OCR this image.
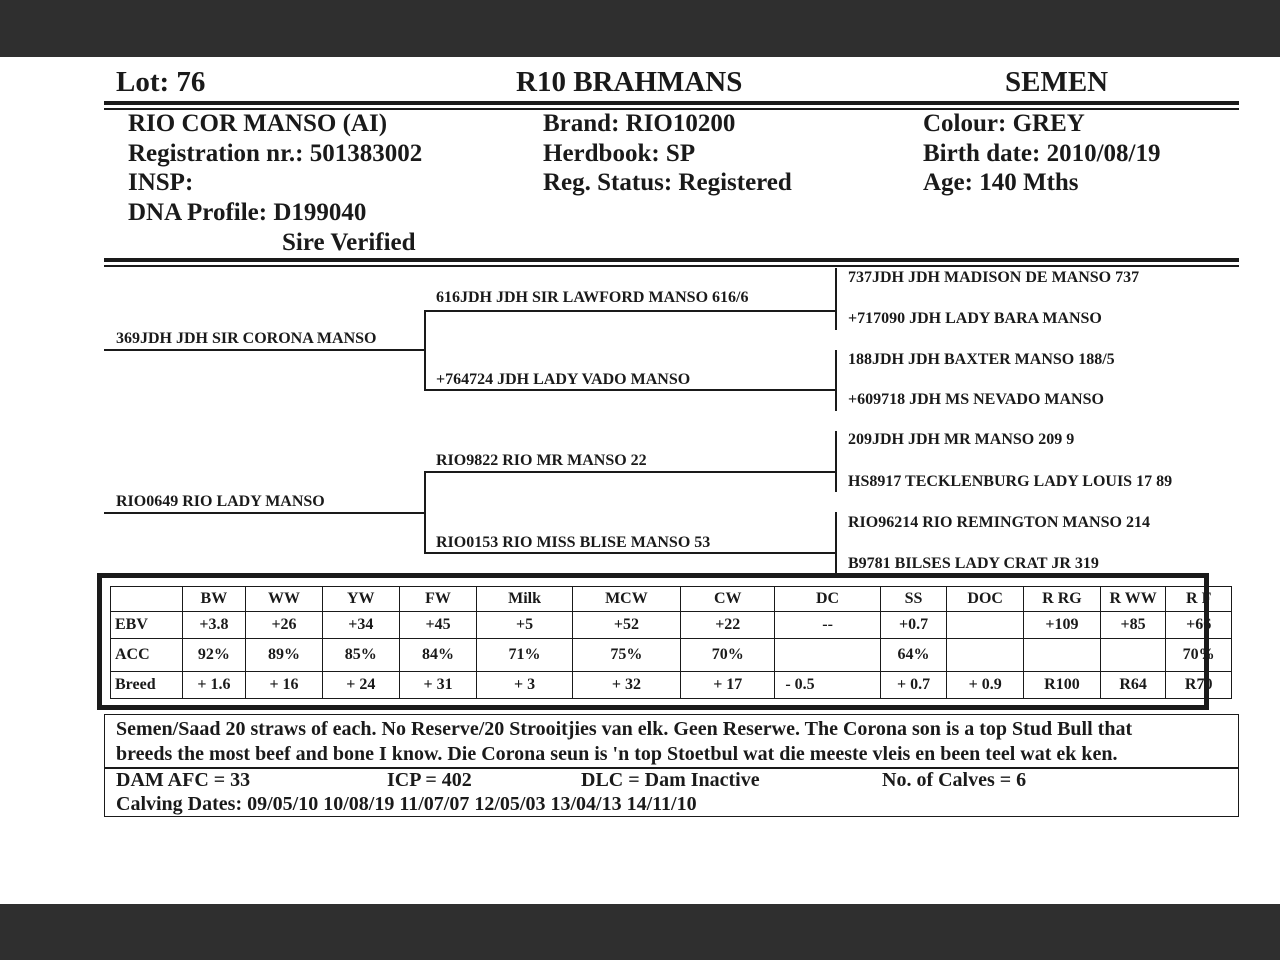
Lot: 76	R10 BRAHMANS	SEMEN
RIO COR MANSO (AI)
Registration nr.: 501383002
INSP:
DNA Profile: D199040
Sire Verified
Brand: RIO10200
Herdbook: SP
Reg. Status: Registered
Colour: GREY
Birth date: 2010/08/19
Age: 140 Mths
369JDH JDH SIR CORONA MANSO
RIO0649 RIO LADY MANSO
616JDH JDH SIR LAWFORD MANSO 616/6
+764724 JDH LADY VADO MANSO
RIO9822 RIO MR MANSO 22
RIO0153 RIO MISS BLISE MANSO 53
737JDH JDH MADISON DE MANSO 737
+717090 JDH LADY BARA MANSO
188JDH JDH BAXTER MANSO 188/5
+609718 JDH MS NEVADO MANSO
209JDH JDH MR MANSO 209 9
HS8917 TECKLENBURG LADY LOUIS 17 89
RIO96214 RIO REMINGTON MANSO 214
B9781 BILSES LADY CRAT JR 319
	BW	WW	YW	FW	Milk	MCW	CW	DC	SS	DOC	R RG	R WW	R F
EBV	+3.8	+26	+34	+45	+5	+52	+22	--	+0.7		+109	+85	+66
ACC	92%	89%	85%	84%	71%	75%	70%		64%				70%
Breed	+ 1.6	+ 16	+ 24	+ 31	+ 3	+ 32	+ 17	- 0.5	+ 0.7	+ 0.9	R100	R64	R70
Semen/Saad 20 straws of each. No Reserve/20 Strooitjies van elk. Geen Reserwe. The Corona son is a top Stud Bull that
breeds the most beef and bone I know. Die Corona seun is 'n top Stoetbul wat die meeste vleis en been teel wat ek ken.
DAM AFC = 33	ICP = 402	DLC = Dam Inactive	No. of Calves = 6
Calving Dates: 09/05/10 10/08/19 11/07/07 12/05/03 13/04/13 14/11/10
